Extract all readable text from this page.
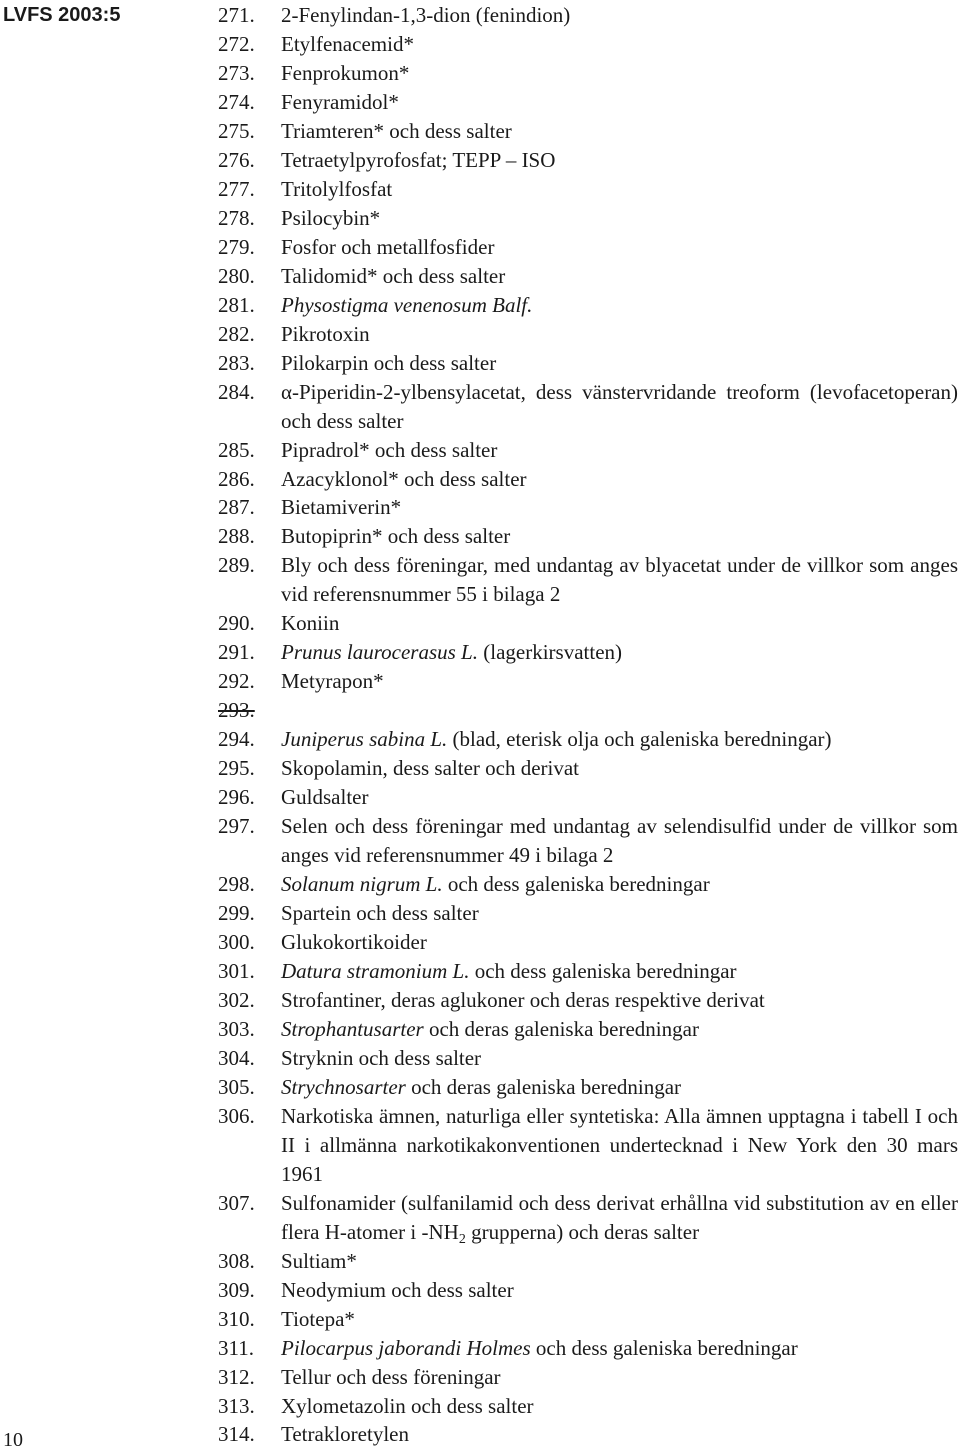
LVFS 2003:5	271.	2-Fenylindan-1,3-dion (fenindion)
272.	Etylfenacemid*
273.	Fenprokumon*
274.	Fenyramidol*
275.	Triamteren* och dess salter
276.	Tetraetylpyrofosfat; TEPP – ISO
277.	Tritolylfosfat
278.	Psilocybin*
279.	Fosfor och metallfosfider
280.	Talidomid* och dess salter
281.	Physostigma venenosum Balf.
282.	Pikrotoxin
283.	Pilokarpin och dess salter
284.	α-Piperidin-2-ylbensylacetat, dess vänstervridande treoform (levofacetoperan) och dess salter
285.	Pipradrol* och dess salter
286.	Azacyklonol* och dess salter
287.	Bietamiverin*
288.	Butopiprin* och dess salter
289.	Bly och dess föreningar, med undantag av blyacetat under de villkor som anges vid referensnummer 55 i bilaga 2
290.	Koniin
291.	Prunus laurocerasus L. (lagerkirsvatten)
292.	Metyrapon*
293.
294.	Juniperus sabina L. (blad, eterisk olja och galeniska beredningar)
295.	Skopolamin, dess salter och derivat
296.	Guldsalter
297.	Selen och dess föreningar med undantag av selendisulfid under de villkor som anges vid referensnummer 49 i bilaga 2
298.	Solanum nigrum L. och dess galeniska beredningar
299.	Spartein och dess salter
300.	Glukokortikoider
301.	Datura stramonium L. och dess galeniska beredningar
302.	Strofantiner, deras aglukoner och deras respektive derivat
303.	Strophantusarter och deras galeniska beredningar
304.	Stryknin och dess salter
305.	Strychnosarter och deras galeniska beredningar
306.	Narkotiska ämnen, naturliga eller syntetiska: Alla ämnen upptagna i tabell I och II i allmänna narkotikakonventionen undertecknad i New York den 30 mars 1961
307.	Sulfonamider (sulfanilamid och dess derivat erhållna vid substitution av en eller flera H-atomer i $-NH_2$ grupperna) och deras salter
308.	Sultiam*
309.	Neodymium och dess salter
310.	Tiotepa*
311.	Pilocarpus jaborandi Holmes och dess galeniska beredningar
312.	Tellur och dess föreningar
313.	Xylometazolin och dess salter
314.	Tetrakloretylen
10
